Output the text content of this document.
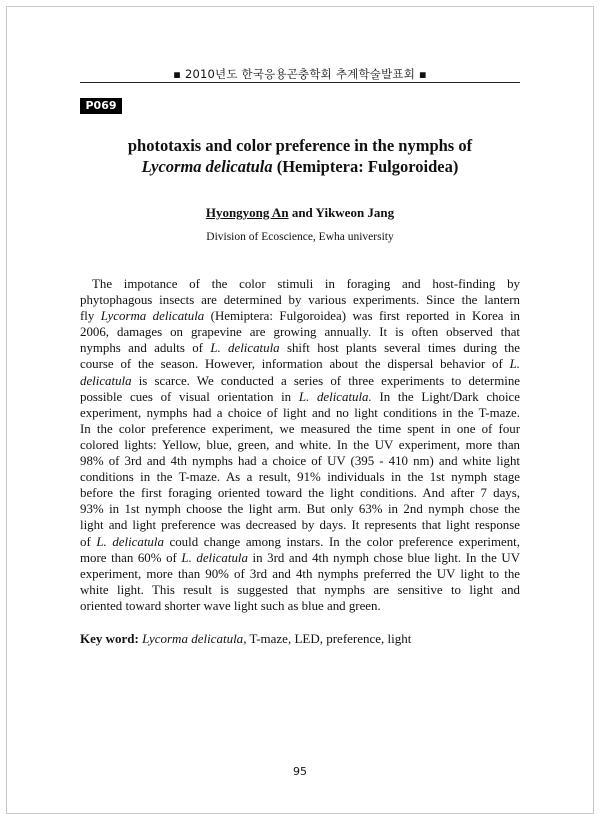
▪ 2010년도 한국응용곤충학회 추계학술발표회 ▪
P069
phototaxis and color preference in the nymphs of
Lycorma delicatula (Hemiptera: Fulgoroidea)
Hyongyong An and Yikweon Jang
Division of Ecoscience, Ewha university
The impotance of the color stimuli in foraging and host-finding by
phytophagous insects are determined by various experiments. Since the lantern
fly Lycorma delicatula (Hemiptera: Fulgoroidea) was first reported in Korea in
2006, damages on grapevine are growing annually. It is often observed that
nymphs and adults of L. delicatula shift host plants several times during the
course of the season. However, information about the dispersal behavior of L.
delicatula is scarce. We conducted a series of three experiments to determine
possible cues of visual orientation in L. delicatula. In the Light/Dark choice
experiment, nymphs had a choice of light and no light conditions in the T-maze.
In the color preference experiment, we measured the time spent in one of four
colored lights: Yellow, blue, green, and white. In the UV experiment, more than
98% of 3rd and 4th nymphs had a choice of UV (395 - 410 nm) and white light
conditions in the T-maze. As a result, 91% individuals in the 1st nymph stage
before the first foraging oriented toward the light conditions. And after 7 days,
93% in 1st nymph choose the light arm. But only 63% in 2nd nymph chose the
light and light preference was decreased by days. It represents that light response
of L. delicatula could change among instars. In the color preference experiment,
more than 60% of L. delicatula in 3rd and 4th nymph chose blue light. In the UV
experiment, more than 90% of 3rd and 4th nymphs preferred the UV light to the
white light. This result is suggested that nymphs are sensitive to light and
oriented toward shorter wave light such as blue and green.
Key word: Lycorma delicatula, T-maze, LED, preference, light
95
